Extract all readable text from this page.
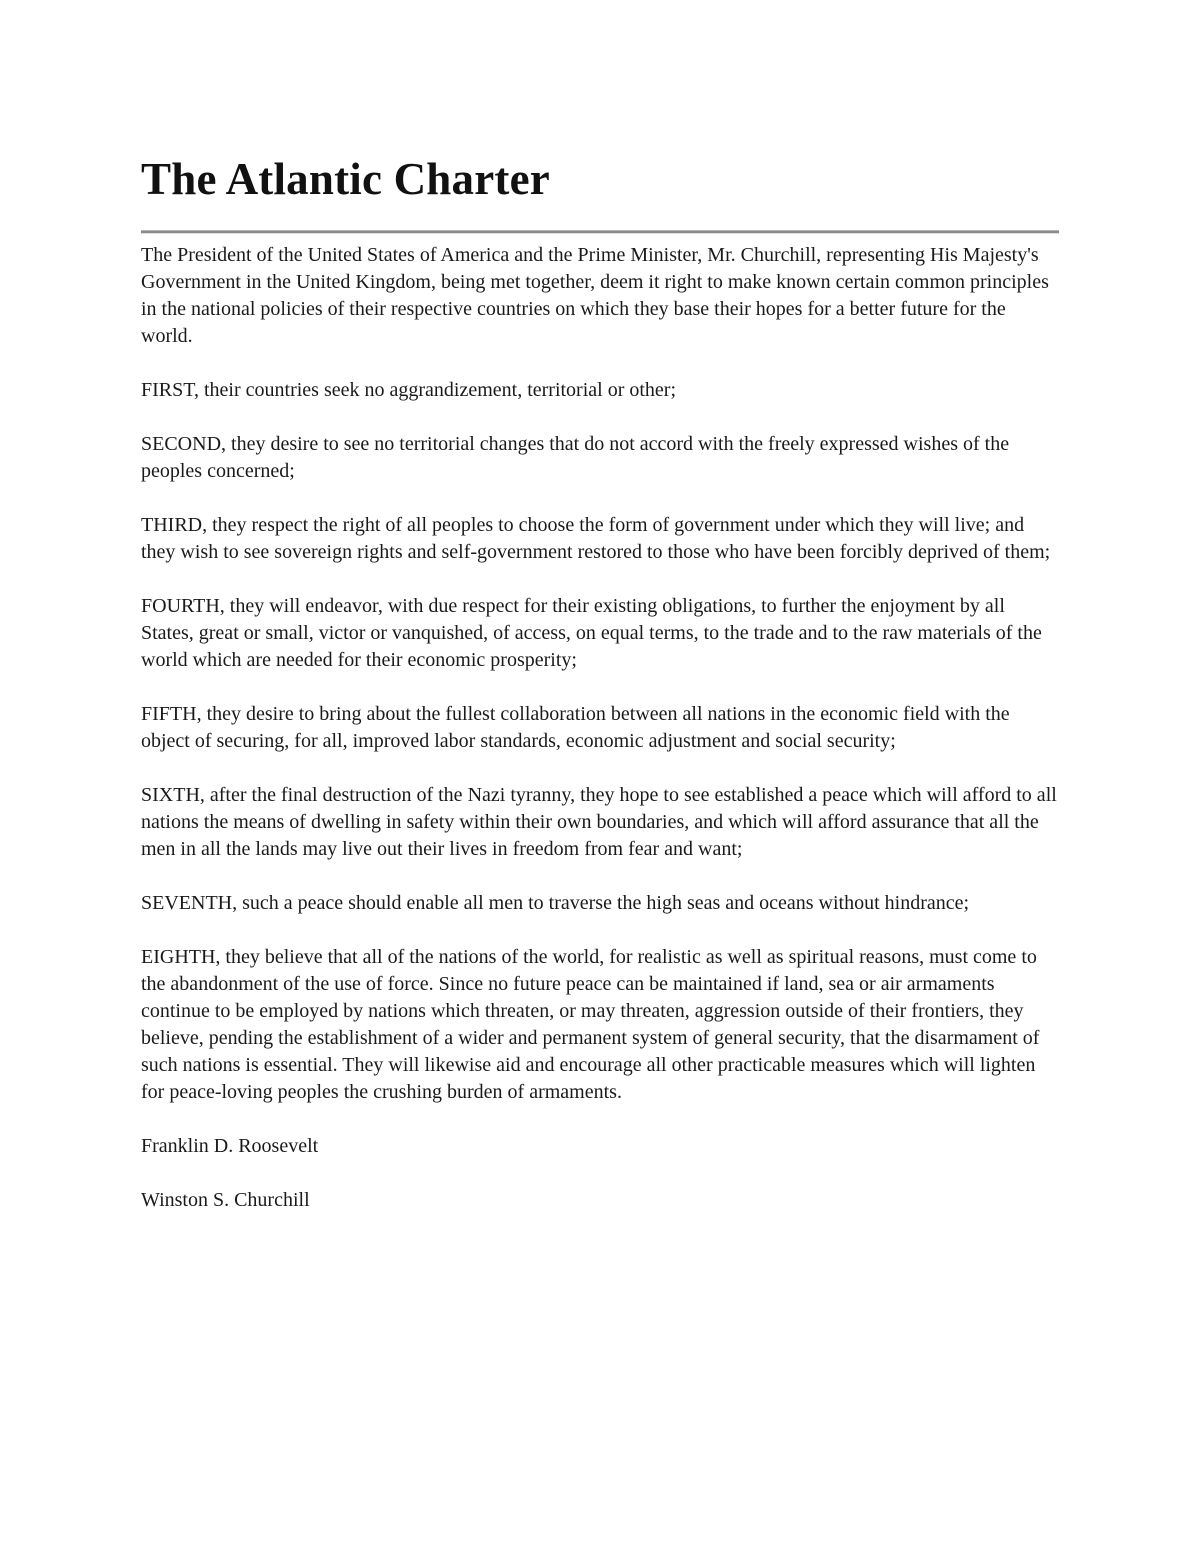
The Atlantic Charter

The President of the United States of America and the Prime Minister, Mr. Churchill, representing His Majesty's Government in the United Kingdom, being met together, deem it right to make known certain common principles in the national policies of their respective countries on which they base their hopes for a better future for the world.

FIRST, their countries seek no aggrandizement, territorial or other;

SECOND, they desire to see no territorial changes that do not accord with the freely expressed wishes of the peoples concerned;

THIRD, they respect the right of all peoples to choose the form of government under which they will live; and they wish to see sovereign rights and self-government restored to those who have been forcibly deprived of them;

FOURTH, they will endeavor, with due respect for their existing obligations, to further the enjoyment by all States, great or small, victor or vanquished, of access, on equal terms, to the trade and to the raw materials of the world which are needed for their economic prosperity;

FIFTH, they desire to bring about the fullest collaboration between all nations in the economic field with the object of securing, for all, improved labor standards, economic adjustment and social security;

SIXTH, after the final destruction of the Nazi tyranny, they hope to see established a peace which will afford to all nations the means of dwelling in safety within their own boundaries, and which will afford assurance that all the men in all the lands may live out their lives in freedom from fear and want;

SEVENTH, such a peace should enable all men to traverse the high seas and oceans without hindrance;

EIGHTH, they believe that all of the nations of the world, for realistic as well as spiritual reasons, must come to the abandonment of the use of force. Since no future peace can be maintained if land, sea or air armaments continue to be employed by nations which threaten, or may threaten, aggression outside of their frontiers, they believe, pending the establishment of a wider and permanent system of general security, that the disarmament of such nations is essential. They will likewise aid and encourage all other practicable measures which will lighten for peace-loving peoples the crushing burden of armaments.

Franklin D. Roosevelt

Winston S. Churchill
